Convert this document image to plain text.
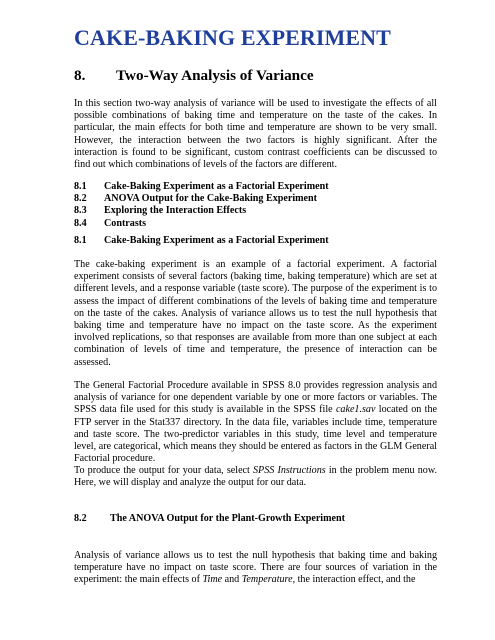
CAKE-BAKING EXPERIMENT
8. Two-Way Analysis of Variance

In this section two-way analysis of variance will be used to investigate the effects of all possible combinations of baking time and temperature on the taste of the cakes. In particular, the main effects for both time and temperature are shown to be very small. However, the interaction between the two factors is highly significant. After the interaction is found to be significant, custom contrast coefficients can be discussed to find out which combinations of levels of the factors are different.

8.1 Cake-Baking Experiment as a Factorial Experiment
8.2 ANOVA Output for the Cake-Baking Experiment
8.3 Exploring the Interaction Effects
8.4 Contrasts
8.1 Cake-Baking Experiment as a Factorial Experiment

The cake-baking experiment is an example of a factorial experiment. A factorial experiment consists of several factors (baking time, baking temperature) which are set at different levels, and a response variable (taste score). The purpose of the experiment is to assess the impact of different combinations of the levels of baking time and temperature on the taste of the cakes. Analysis of variance allows us to test the null hypothesis that baking time and temperature have no impact on the taste score. As the experiment involved replications, so that responses are available from more than one subject at each combination of levels of time and temperature, the presence of interaction can be assessed.

The General Factorial Procedure available in SPSS 8.0 provides regression analysis and analysis of variance for one dependent variable by one or more factors or variables. The SPSS data file used for this study is available in the SPSS file cake1.sav located on the FTP server in the Stat337 directory. In the data file, variables include time, temperature and taste score. The two-predictor variables in this study, time level and temperature level, are categorical, which means they should be entered as factors in the GLM General Factorial procedure.

To produce the output for your data, select SPSS Instructions in the problem menu now. Here, we will display and analyze the output for our data.

8.2 The ANOVA Output for the Plant-Growth Experiment

Analysis of variance allows us to test the null hypothesis that baking time and baking temperature have no impact on taste score. There are four sources of variation in the experiment: the main effects of Time and Temperature, the interaction effect, and the
